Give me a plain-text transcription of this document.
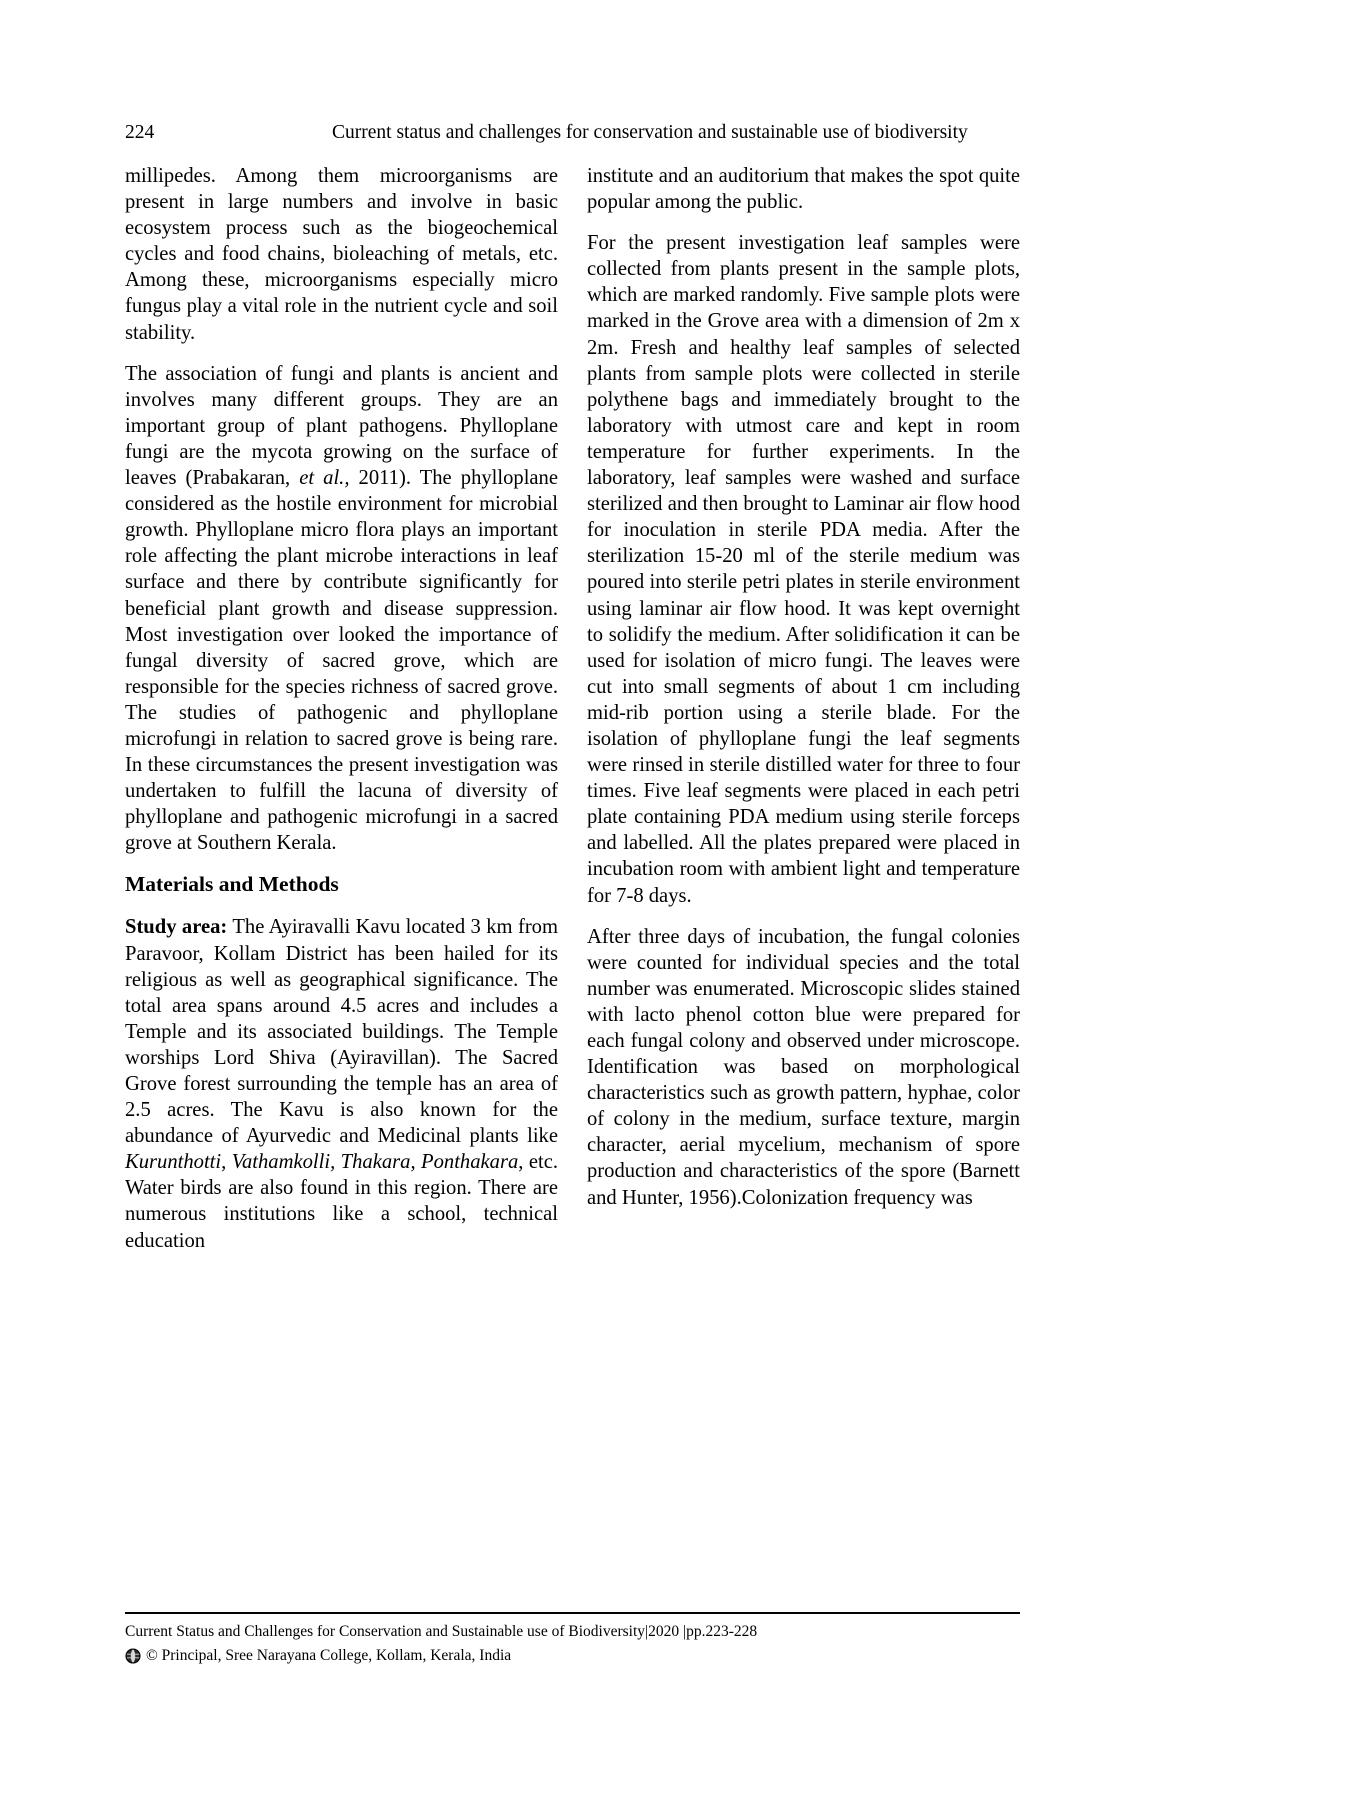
224	Current status and challenges for conservation and sustainable use of biodiversity

millipedes. Among them microorganisms are present in large numbers and involve in basic ecosystem process such as the biogeochemical cycles and food chains, bioleaching of metals, etc. Among these, microorganisms especially micro fungus play a vital role in the nutrient cycle and soil stability.

The association of fungi and plants is ancient and involves many different groups. They are an important group of plant pathogens. Phylloplane fungi are the mycota growing on the surface of leaves (Prabakaran, et al., 2011). The phylloplane considered as the hostile environment for microbial growth. Phylloplane micro flora plays an important role affecting the plant microbe interactions in leaf surface and there by contribute significantly for beneficial plant growth and disease suppression. Most investigation over looked the importance of fungal diversity of sacred grove, which are responsible for the species richness of sacred grove. The studies of pathogenic and phylloplane microfungi in relation to sacred grove is being rare. In these circumstances the present investigation was undertaken to fulfill the lacuna of diversity of phylloplane and pathogenic microfungi in a sacred grove at Southern Kerala.

Materials and Methods

Study area: The Ayiravalli Kavu located 3 km from Paravoor, Kollam District has been hailed for its religious as well as geographical significance. The total area spans around 4.5 acres and includes a Temple and its associated buildings. The Temple worships Lord Shiva (Ayiravillan). The Sacred Grove forest surrounding the temple has an area of 2.5 acres. The Kavu is also known for the abundance of Ayurvedic and Medicinal plants like Kurunthotti, Vathamkolli, Thakara, Ponthakara, etc. Water birds are also found in this region. There are numerous institutions like a school, technical education

institute and an auditorium that makes the spot quite popular among the public.

For the present investigation leaf samples were collected from plants present in the sample plots, which are marked randomly. Five sample plots were marked in the Grove area with a dimension of 2m x 2m. Fresh and healthy leaf samples of selected plants from sample plots were collected in sterile polythene bags and immediately brought to the laboratory with utmost care and kept in room temperature for further experiments. In the laboratory, leaf samples were washed and surface sterilized and then brought to Laminar air flow hood for inoculation in sterile PDA media. After the sterilization 15-20 ml of the sterile medium was poured into sterile petri plates in sterile environment using laminar air flow hood. It was kept overnight to solidify the medium. After solidification it can be used for isolation of micro fungi. The leaves were cut into small segments of about 1 cm including mid-rib portion using a sterile blade. For the isolation of phylloplane fungi the leaf segments were rinsed in sterile distilled water for three to four times. Five leaf segments were placed in each petri plate containing PDA medium using sterile forceps and labelled. All the plates prepared were placed in incubation room with ambient light and temperature for 7-8 days.

After three days of incubation, the fungal colonies were counted for individual species and the total number was enumerated. Microscopic slides stained with lacto phenol cotton blue were prepared for each fungal colony and observed under microscope. Identification was based on morphological characteristics such as growth pattern, hyphae, color of colony in the medium, surface texture, margin character, aerial mycelium, mechanism of spore production and characteristics of the spore (Barnett and Hunter, 1956).Colonization frequency was

Current Status and Challenges for Conservation and Sustainable use of Biodiversity|2020 |pp.223-228
© Principal, Sree Narayana College, Kollam, Kerala, India
